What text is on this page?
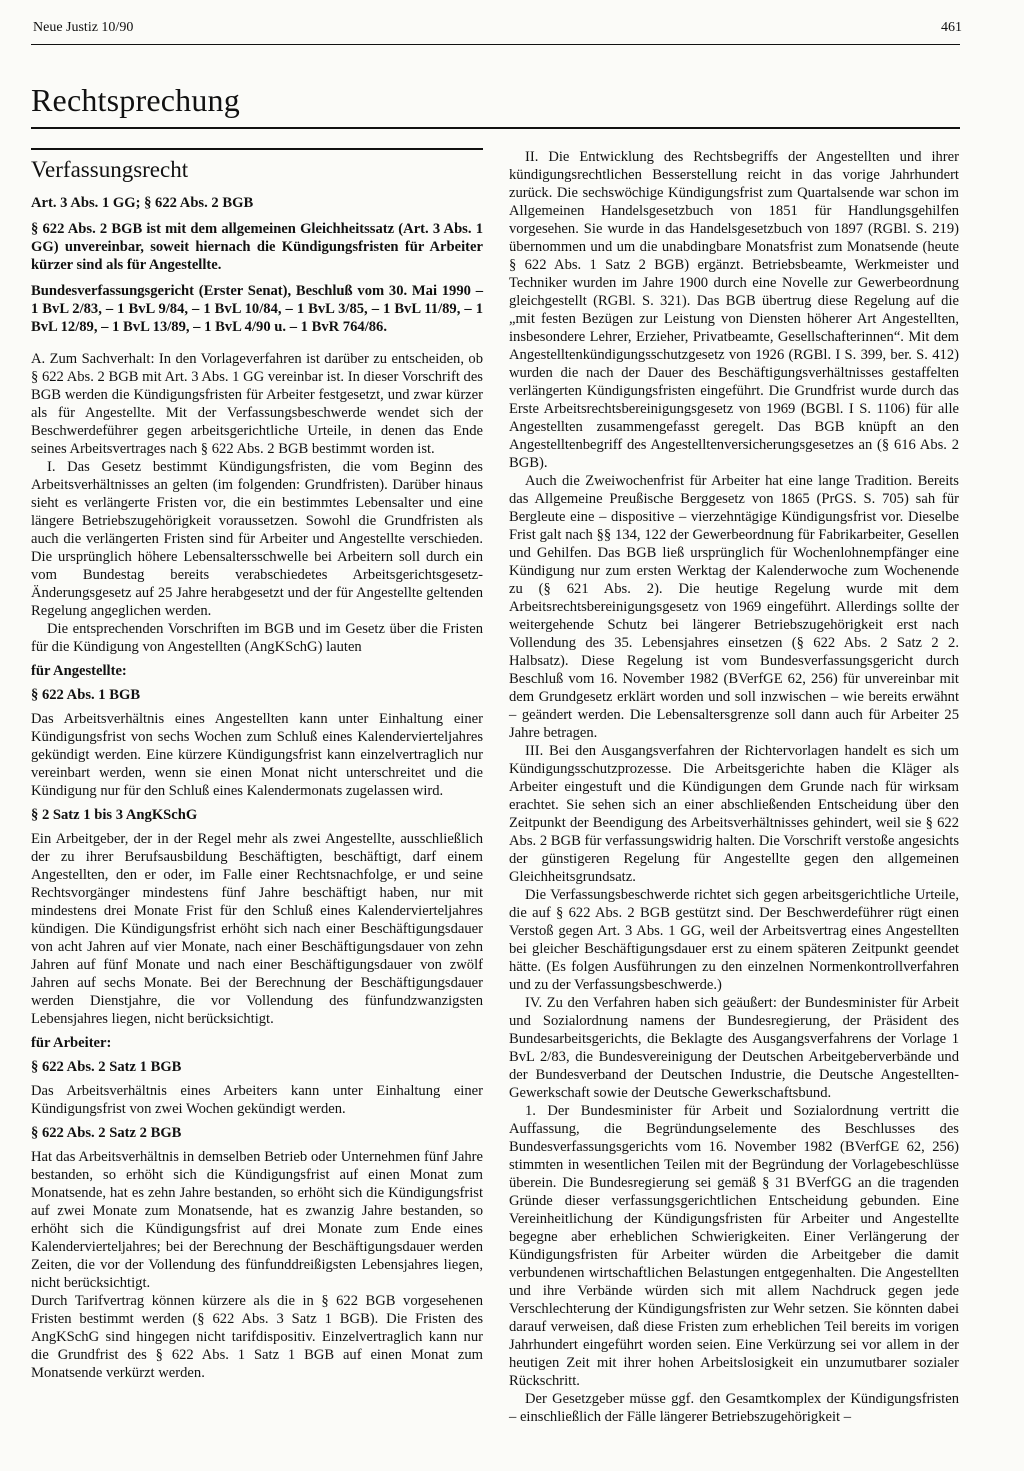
Neue Justiz 10/90	461
Rechtsprechung
Verfassungsrecht

Art. 3 Abs. 1 GG; § 622 Abs. 2 BGB

§ 622 Abs. 2 BGB ist mit dem allgemeinen Gleichheitssatz (Art. 3 Abs. 1 GG) unvereinbar, soweit hiernach die Kündigungsfristen für Arbeiter kürzer sind als für Angestellte.

Bundesverfassungsgericht (Erster Senat), Beschluß vom 30. Mai 1990 – 1 BvL 2/83, – 1 BvL 9/84, – 1 BvL 10/84, – 1 BvL 3/85, – 1 BvL 11/89, – 1 BvL 12/89, – 1 BvL 13/89, – 1 BvL 4/90 u. – 1 BvR 764/86.

A. Zum Sachverhalt: In den Vorlageverfahren ist darüber zu entscheiden, ob § 622 Abs. 2 BGB mit Art. 3 Abs. 1 GG vereinbar ist. In dieser Vorschrift des BGB werden die Kündigungsfristen für Arbeiter festgesetzt, und zwar kürzer als für Angestellte. Mit der Verfassungsbeschwerde wendet sich der Beschwerdeführer gegen arbeitsgerichtliche Urteile, in denen das Ende seines Arbeitsvertrages nach § 622 Abs. 2 BGB bestimmt worden ist.

I. Das Gesetz bestimmt Kündigungsfristen, die vom Beginn des Arbeitsverhältnisses an gelten (im folgenden: Grundfristen). Darüber hinaus sieht es verlängerte Fristen vor, die ein bestimmtes Lebensalter und eine längere Betriebszugehörigkeit voraussetzen. Sowohl die Grundfristen als auch die verlängerten Fristen sind für Arbeiter und Angestellte verschieden. Die ursprünglich höhere Lebensaltersschwelle bei Arbeitern soll durch ein vom Bundestag bereits verabschiedetes Arbeitsgerichtsgesetz-Änderungsgesetz auf 25 Jahre herabgesetzt und der für Angestellte geltenden Regelung angeglichen werden.

Die entsprechenden Vorschriften im BGB und im Gesetz über die Fristen für die Kündigung von Angestellten (AngKSchG) lauten

für Angestellte:

§ 622 Abs. 1 BGB

Das Arbeitsverhältnis eines Angestellten kann unter Einhaltung einer Kündigungsfrist von sechs Wochen zum Schluß eines Kalendervierteljahres gekündigt werden. Eine kürzere Kündigungsfrist kann einzelvertraglich nur vereinbart werden, wenn sie einen Monat nicht unterschreitet und die Kündigung nur für den Schluß eines Kalendermonats zugelassen wird.

§ 2 Satz 1 bis 3 AngKSchG

Ein Arbeitgeber, der in der Regel mehr als zwei Angestellte, ausschließlich der zu ihrer Berufsausbildung Beschäftigten, beschäftigt, darf einem Angestellten, den er oder, im Falle einer Rechtsnachfolge, er und seine Rechtsvorgänger mindestens fünf Jahre beschäftigt haben, nur mit mindestens drei Monate Frist für den Schluß eines Kalendervierteljahres kündigen. Die Kündigungsfrist erhöht sich nach einer Beschäftigungsdauer von acht Jahren auf vier Monate, nach einer Beschäftigungsdauer von zehn Jahren auf fünf Monate und nach einer Beschäftigungsdauer von zwölf Jahren auf sechs Monate. Bei der Berechnung der Beschäftigungsdauer werden Dienstjahre, die vor Vollendung des fünfundzwanzigsten Lebensjahres liegen, nicht berücksichtigt.

für Arbeiter:

§ 622 Abs. 2 Satz 1 BGB

Das Arbeitsverhältnis eines Arbeiters kann unter Einhaltung einer Kündigungsfrist von zwei Wochen gekündigt werden.

§ 622 Abs. 2 Satz 2 BGB

Hat das Arbeitsverhältnis in demselben Betrieb oder Unternehmen fünf Jahre bestanden, so erhöht sich die Kündigungsfrist auf einen Monat zum Monatsende, hat es zehn Jahre bestanden, so erhöht sich die Kündigungsfrist auf zwei Monate zum Monatsende, hat es zwanzig Jahre bestanden, so erhöht sich die Kündigungsfrist auf drei Monate zum Ende eines Kalendervierteljahres; bei der Berechnung der Beschäftigungsdauer werden Zeiten, die vor der Vollendung des fünfunddreißigsten Lebensjahres liegen, nicht berücksichtigt.

Durch Tarifvertrag können kürzere als die in § 622 BGB vorgesehenen Fristen bestimmt werden (§ 622 Abs. 3 Satz 1 BGB). Die Fristen des AngKSchG sind hingegen nicht tarifdispositiv. Einzelvertraglich kann nur die Grundfrist des § 622 Abs. 1 Satz 1 BGB auf einen Monat zum Monatsende verkürzt werden.

II. Die Entwicklung des Rechtsbegriffs der Angestellten und ihrer kündigungsrechtlichen Besserstellung reicht in das vorige Jahrhundert zurück. Die sechswöchige Kündigungsfrist zum Quartalsende war schon im Allgemeinen Handelsgesetzbuch von 1851 für Handlungsgehilfen vorgesehen. Sie wurde in das Handelsgesetzbuch von 1897 (RGBl. S. 219) übernommen und um die unabdingbare Monatsfrist zum Monatsende (heute § 622 Abs. 1 Satz 2 BGB) ergänzt. Betriebsbeamte, Werkmeister und Techniker wurden im Jahre 1900 durch eine Novelle zur Gewerbeordnung gleichgestellt (RGBl. S. 321). Das BGB übertrug diese Regelung auf die „mit festen Bezügen zur Leistung von Diensten höherer Art Angestellten, insbesondere Lehrer, Erzieher, Privatbeamte, Gesellschafterinnen“. Mit dem Angestelltenkündigungsschutzgesetz von 1926 (RGBl. I S. 399, ber. S. 412) wurden die nach der Dauer des Beschäftigungsverhältnisses gestaffelten verlängerten Kündigungsfristen eingeführt. Die Grundfrist wurde durch das Erste Arbeitsrechtsbereinigungsgesetz von 1969 (BGBl. I S. 1106) für alle Angestellten zusammengefasst geregelt. Das BGB knüpft an den Angestelltenbegriff des Angestelltenversicherungsgesetzes an (§ 616 Abs. 2 BGB).

Auch die Zweiwochenfrist für Arbeiter hat eine lange Tradition. Bereits das Allgemeine Preußische Berggesetz von 1865 (PrGS. S. 705) sah für Bergleute eine – dispositive – vierzehntägige Kündigungsfrist vor. Dieselbe Frist galt nach §§ 134, 122 der Gewerbeordnung für Fabrikarbeiter, Gesellen und Gehilfen. Das BGB ließ ursprünglich für Wochenlohnempfänger eine Kündigung nur zum ersten Werktag der Kalenderwoche zum Wochenende zu (§ 621 Abs. 2). Die heutige Regelung wurde mit dem Arbeitsrechtsbereinigungsgesetz von 1969 eingeführt. Allerdings sollte der weitergehende Schutz bei längerer Betriebszugehörigkeit erst nach Vollendung des 35. Lebensjahres einsetzen (§ 622 Abs. 2 Satz 2 2. Halbsatz). Diese Regelung ist vom Bundesverfassungsgericht durch Beschluß vom 16. November 1982 (BVerfGE 62, 256) für unvereinbar mit dem Grundgesetz erklärt worden und soll inzwischen – wie bereits erwähnt – geändert werden. Die Lebensaltersgrenze soll dann auch für Arbeiter 25 Jahre betragen.

III. Bei den Ausgangsverfahren der Richtervorlagen handelt es sich um Kündigungsschutzprozesse. Die Arbeitsgerichte haben die Kläger als Arbeiter eingestuft und die Kündigungen dem Grunde nach für wirksam erachtet. Sie sehen sich an einer abschließenden Entscheidung über den Zeitpunkt der Beendigung des Arbeitsverhältnisses gehindert, weil sie § 622 Abs. 2 BGB für verfassungswidrig halten. Die Vorschrift verstoße angesichts der günstigeren Regelung für Angestellte gegen den allgemeinen Gleichheitsgrundsatz.

Die Verfassungsbeschwerde richtet sich gegen arbeitsgerichtliche Urteile, die auf § 622 Abs. 2 BGB gestützt sind. Der Beschwerdeführer rügt einen Verstoß gegen Art. 3 Abs. 1 GG, weil der Arbeitsvertrag eines Angestellten bei gleicher Beschäftigungsdauer erst zu einem späteren Zeitpunkt geendet hätte. (Es folgen Ausführungen zu den einzelnen Normenkontrollverfahren und zu der Verfassungsbeschwerde.)

IV. Zu den Verfahren haben sich geäußert: der Bundesminister für Arbeit und Sozialordnung namens der Bundesregierung, der Präsident des Bundesarbeitsgerichts, die Beklagte des Ausgangsverfahrens der Vorlage 1 BvL 2/83, die Bundesvereinigung der Deutschen Arbeitgeberverbände und der Bundesverband der Deutschen Industrie, die Deutsche Angestellten-Gewerkschaft sowie der Deutsche Gewerkschaftsbund.

1. Der Bundesminister für Arbeit und Sozialordnung vertritt die Auffassung, die Begründungselemente des Beschlusses des Bundesverfassungsgerichts vom 16. November 1982 (BVerfGE 62, 256) stimmten in wesentlichen Teilen mit der Begründung der Vorlagebeschlüsse überein. Die Bundesregierung sei gemäß § 31 BVerfGG an die tragenden Gründe dieser verfassungsgerichtlichen Entscheidung gebunden. Eine Vereinheitlichung der Kündigungsfristen für Arbeiter und Angestellte begegne aber erheblichen Schwierigkeiten. Einer Verlängerung der Kündigungsfristen für Arbeiter würden die Arbeitgeber die damit verbundenen wirtschaftlichen Belastungen entgegenhalten. Die Angestellten und ihre Verbände würden sich mit allem Nachdruck gegen jede Verschlechterung der Kündigungsfristen zur Wehr setzen. Sie könnten dabei darauf verweisen, daß diese Fristen zum erheblichen Teil bereits im vorigen Jahrhundert eingeführt worden seien. Eine Verkürzung sei vor allem in der heutigen Zeit mit ihrer hohen Arbeitslosigkeit ein unzumutbarer sozialer Rückschritt.

Der Gesetzgeber müsse ggf. den Gesamtkomplex der Kündigungsfristen – einschließlich der Fälle längerer Betriebszugehörigkeit –
